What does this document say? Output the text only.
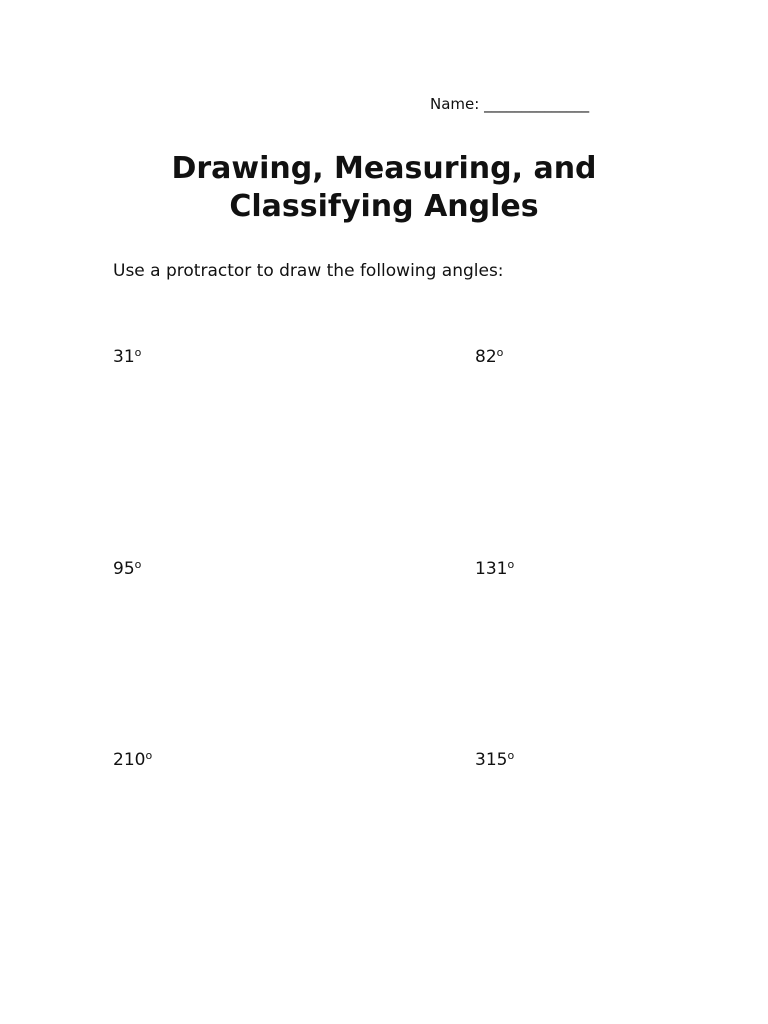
Name: ______________
Drawing, Measuring, and
Classifying Angles

Use a protractor to draw the following angles:

31$^o$	82$^o$
95$^o$	131$^o$
210$^o$	315$^o$
